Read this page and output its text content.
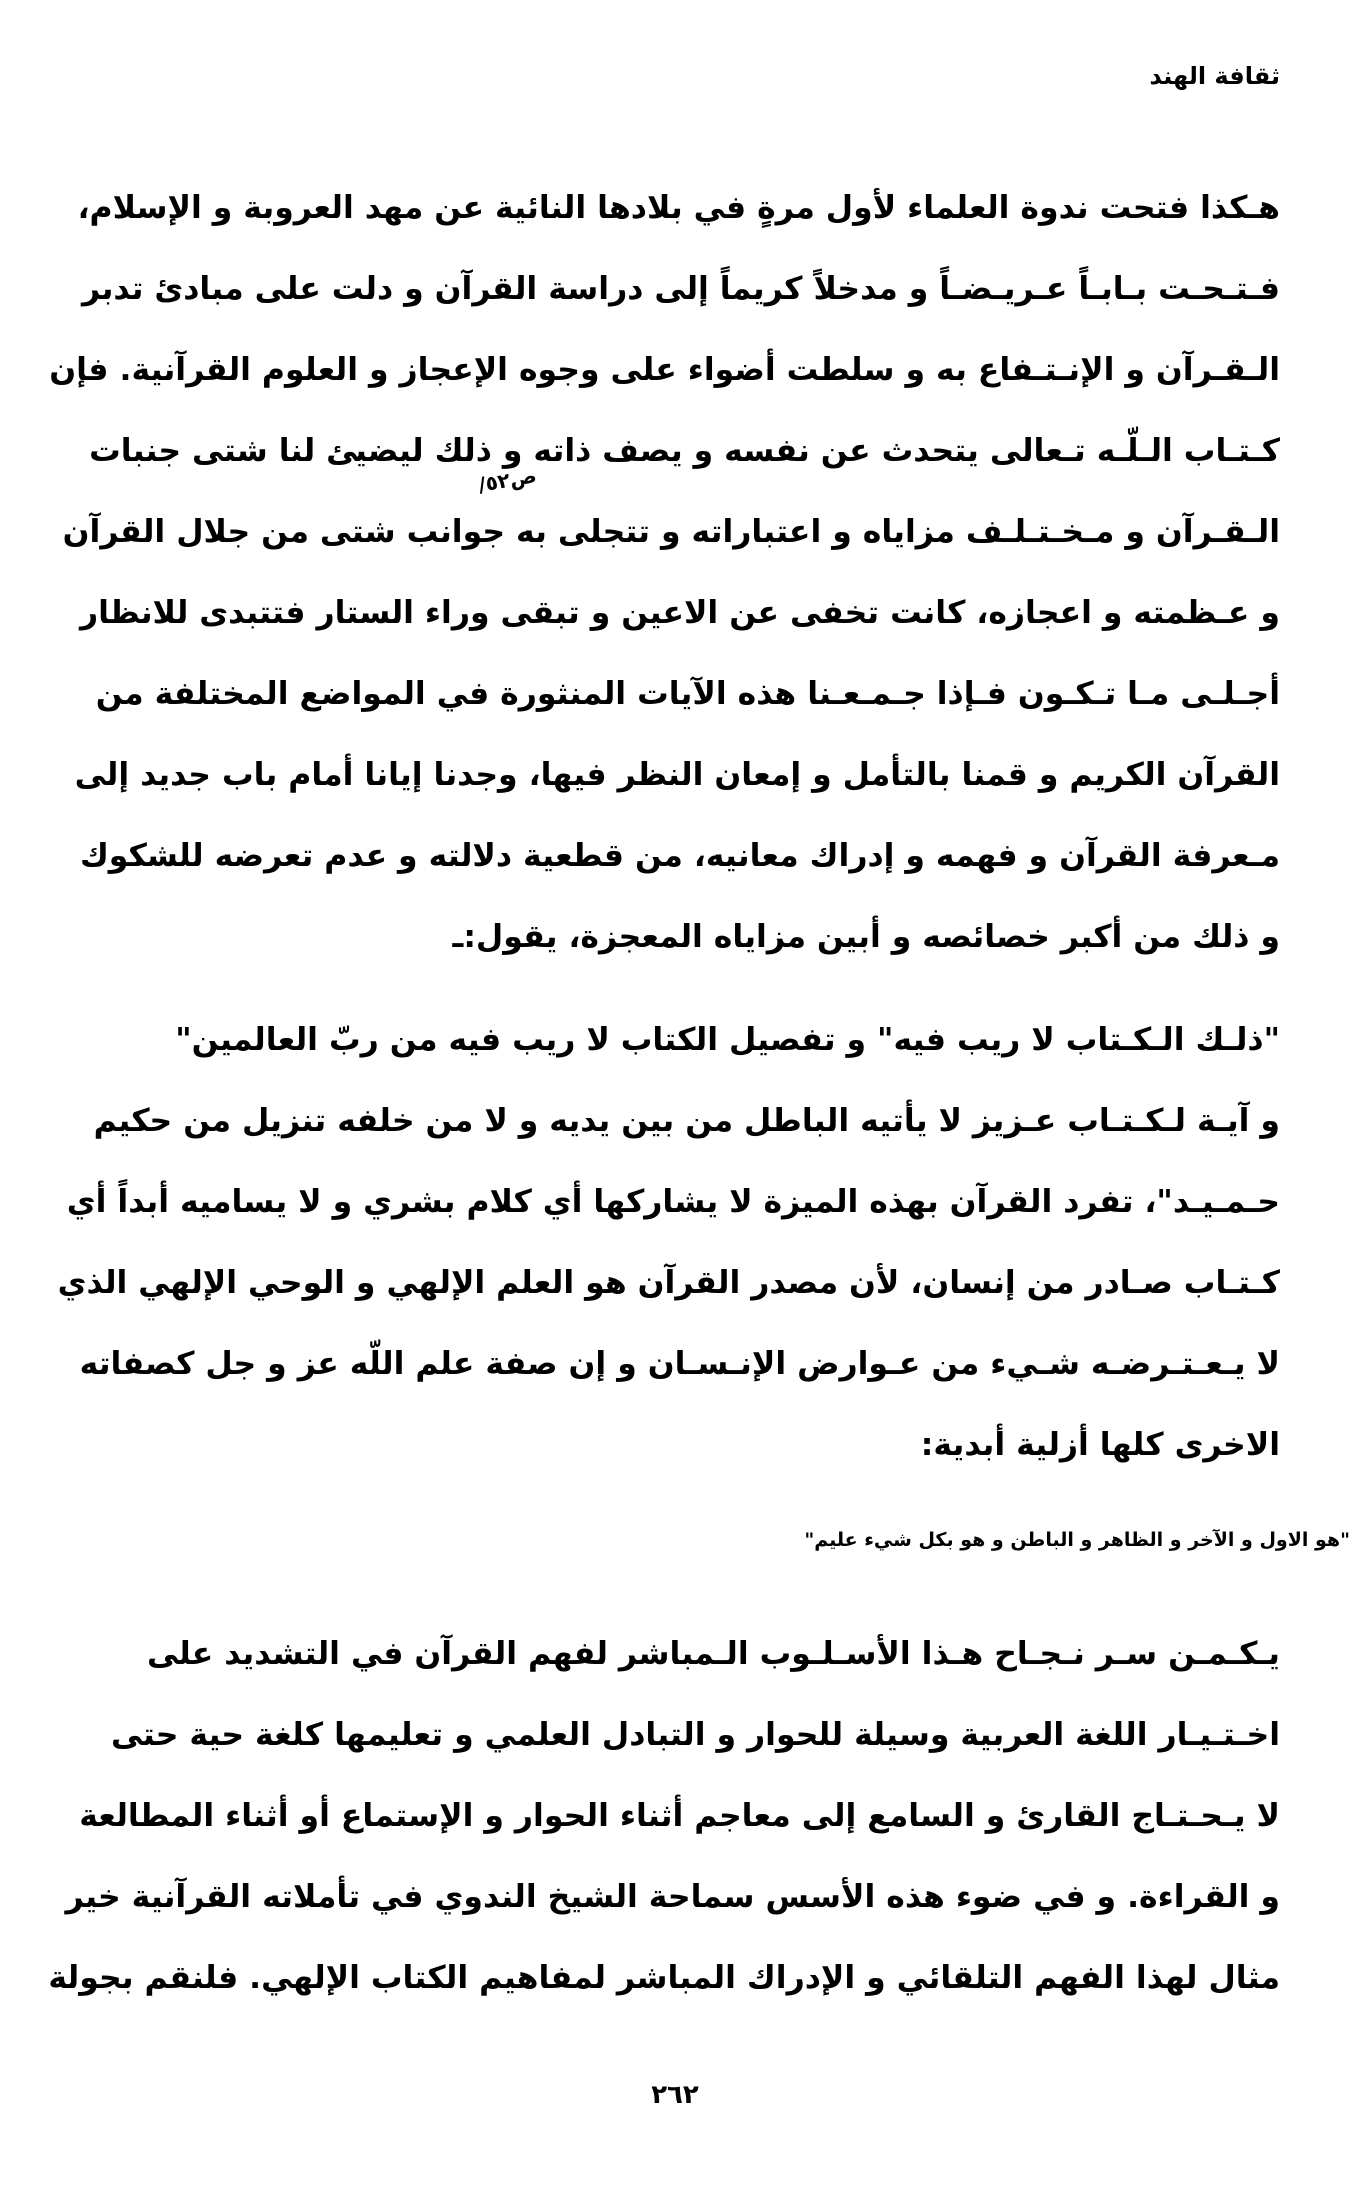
ثقافة الهند
هـكذا فتحت ندوة العلماء لأول مرةٍ في بلادها النائية عن مهد العروبة و الإسلام،
فـتـحـت بـابـاً عـريـضـاً و مدخلاً كريماً إلى دراسة القرآن و دلت على مبادئ تدبر
الـقـرآن و الإنـتـفاع به و سلطت أضواء على وجوه الإعجاز و العلوم القرآنية. فإن
كـتـاب الـلّـه تـعالى يتحدث عن نفسه و يصف ذاته و ذلك ليضيئ لنا شتى جنبات
الـقـرآن و مـخـتـلـف مزاياه و اعتباراته و تتجلى به جوانب شتى من جلال القرآن
و عـظمته و اعجازه، كانت تخفى عن الاعين و تبقى وراء الستار فتتبدى للانظار
أجـلـى مـا تـكـون فـإذا جـمـعـنا هذه الآيات المنثورة في المواضع المختلفة من
القرآن الكريم و قمنا بالتأمل و إمعان النظر فيها، وجدنا إيانا أمام باب جديد إلى
مـعرفة القرآن و فهمه و إدراك معانيه، من قطعية دلالته و عدم تعرضه للشكوك
و ذلك من أكبر خصائصه و أبين مزاياه المعجزة، يقول:ـ
ص٥٢/
"ذلـك الـكـتاب لا ريب فيه" و تفصيل الكتاب لا ريب فيه من ربّ العالمين"
و آيـة لـكـتـاب عـزيز لا يأتيه الباطل من بين يديه و لا من خلفه تنزيل من حكيم
حـمـيـد"، تفرد القرآن بهذه الميزة لا يشاركها أي كلام بشري و لا يساميه أبداً أي
كـتـاب صـادر من إنسان، لأن مصدر القرآن هو العلم الإلهي و الوحي الإلهي الذي
لا يـعـتـرضـه شـيء من عـوارض الإنـسـان و إن صفة علم اللّه عز و جل كصفاته
الاخرى كلها أزلية أبدية:
"هو الاول و الآخر و الظاهر و الباطن و هو بكل شيء عليم"
يـكـمـن سـر نـجـاح هـذا الأسـلـوب الـمباشر لفهم القرآن في التشديد على
اخـتـيـار اللغة العربية وسيلة للحوار و التبادل العلمي و تعليمها كلغة حية حتى
لا يـحـتـاج القارئ و السامع إلى معاجم أثناء الحوار و الإستماع أو أثناء المطالعة
و القراءة. و في ضوء هذه الأسس سماحة الشيخ الندوي في تأملاته القرآنية خير
مثال لهذا الفهم التلقائي و الإدراك المباشر لمفاهيم الكتاب الإلهي. فلنقم بجولة
٢٦٢
